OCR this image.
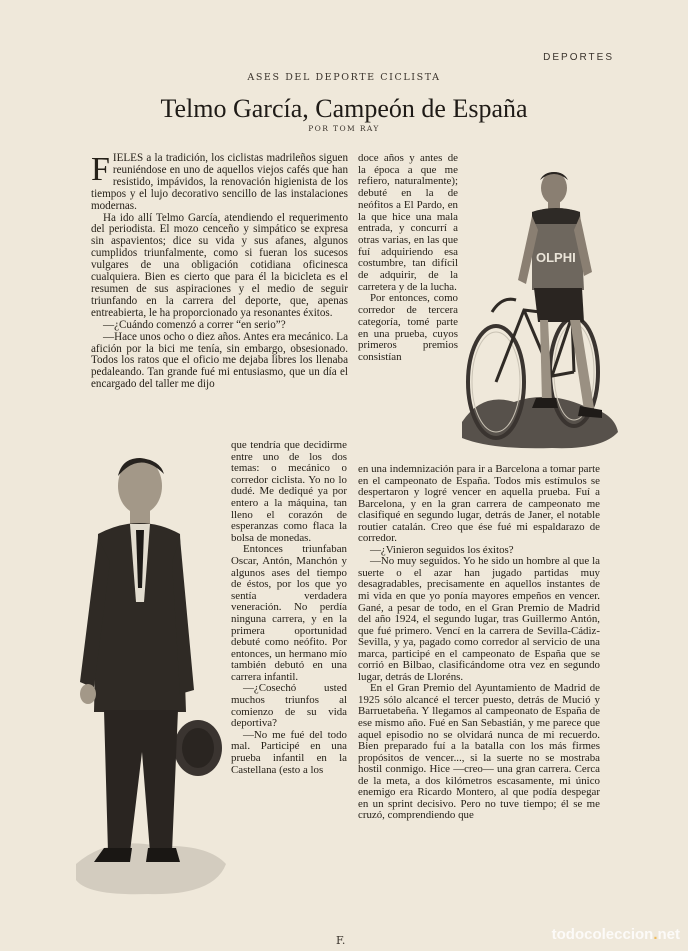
DEPORTES
ASES DEL DEPORTE CICLISTA
Telmo García, Campeón de España
POR TOM RAY

FIELES a la tradición, los ciclistas madrileños siguen reuniéndose en uno de aquellos viejos cafés que han resistido, impávidos, la renovación higienista de los tiempos y el lujo decorativo sencillo de las instalaciones modernas.

Ha ido allí Telmo García, atendiendo el requerimento del periodista. El mozo cenceño y simpático se expresa sin aspavientos; dice su vida y sus afanes, algunos cumplidos triunfalmente, como si fueran los sucesos vulgares de una obligación cotidiana oficinesca cualquiera. Bien es cierto que para él la bicicleta es el resumen de sus aspiraciones y el medio de seguir triunfando en la carrera del deporte, que, apenas entreabierta, le ha proporcionado ya resonantes éxitos.

—¿Cuándo comenzó a correr “en serio”?

—Hace unos ocho o diez años. Antes era mecánico. La afición por la bici me tenía, sin embargo, obsesionado. Todos los ratos que el oficio me dejaba libres los llenaba pedaleando. Tan grande fué mi entusiasmo, que un día el encargado del taller me dijo

que tendría que decidirme entre uno de los dos temas: o mecánico o corredor ciclista. Yo no lo dudé. Me dediqué ya por entero a la máquina, tan lleno el corazón de esperanzas como flaca la bolsa de monedas.

Entonces triunfaban Oscar, Antón, Manchón y algunos ases del tiempo de éstos, por los que yo sentía verdadera veneración. No perdía ninguna carrera, y en la primera oportunidad debuté como neófito. Por entonces, un hermano mío también debutó en una carrera infantil.

—¿Cosechó usted muchos triunfos al comienzo de su vida deportiva?

—No me fué del todo mal. Participé en una prueba infantil en la Castellana (esto a los

doce años y antes de la época a que me refiero, naturalmente); debuté en la de neófitos a El Pardo, en la que hice una mala entrada, y concurrí a otras varias, en las que fuí adquiriendo esa costumbre, tan difícil de adquirir, de la carretera y de la lucha.

Por entonces, como corredor de tercera categoría, tomé parte en una prueba, cuyos primeros premios consistían

en una indemnización para ir a Barcelona a tomar parte en el campeonato de España. Todos mis estímulos se despertaron y logré vencer en aquella prueba. Fuí a Barcelona, y en la gran carrera de campeonato me clasifiqué en segundo lugar, detrás de Janer, el notable routier catalán. Creo que ése fué mi espaldarazo de corredor.

—¿Vinieron seguidos los éxitos?

—No muy seguidos. Yo he sido un hombre al que la suerte o el azar han jugado partidas muy desagradables, precisamente en aquellos instantes de mi vida en que yo ponía mayores empeños en vencer. Gané, a pesar de todo, en el Gran Premio de Madrid del año 1924, el segundo lugar, tras Guillermo Antón, que fué primero. Vencí en la carrera de Sevilla-Cádiz-Sevilla, y ya, pagado como corredor al servicio de una marca, participé en el campeonato de España que se corrió en Bilbao, clasificándome otra vez en segundo lugar, detrás de Lloréns.

En el Gran Premio del Ayuntamiento de Madrid de 1925 sólo alcancé el tercer puesto, detrás de Mució y Barruetabeña. Y llegamos al campeonato de España de ese mismo año. Fué en San Sebastián, y me parece que aquel episodio no se olvidará nunca de mi recuerdo. Bien preparado fuí a la batalla con los más firmes propósitos de vencer..., si la suerte no se mostraba hostil conmigo. Hice —creo— una gran carrera. Cerca de la meta, a dos kilómetros escasamente, mi único enemigo era Ricardo Montero, al que podía despegar en un sprint decisivo. Pero no tuve tiempo; él se me cruzó, comprendiendo que

OLPHI
F.	todocoleccion.net
